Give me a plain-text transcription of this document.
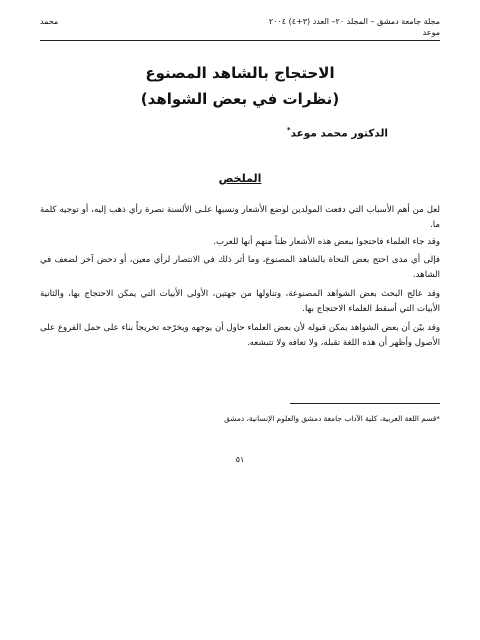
مجلة جامعة دمشق – المجلد ٢٠– العدد (٣+٤) ٢٠٠٤
محمد
موعد
الاحتجاج بالشاهد المصنوع
(نظرات في بعض الشواهد)
الدكتور محمد موعد*
الملخص

لعل من أهم الأسباب التي دفعت المولدين لوضع الأشعار ونسبها علـى الألسنة نصرة رأي ذهب إليه، أو توجيه كلمة ما.

وقد جاء العلماء فاحتجوا ببعض هذه الأشعار ظناً منهم أنها للعرب.

فإلى أي مدى احتج بعض النحاة بالشاهد المصنوع، وما أثر ذلك في الانتصار لرأي معين، أو دحض آخر لضعف في الشاهد.

وقد عالج البحث بعض الشواهد المصنوعة، وتناولها من جهتين، الأولى الأبيات التي يمكن الاحتجاج بها، والثانية الأبيات التي أسقط العلماء الاحتجاج بها.

وقد بيّن أن بعض الشواهد يمكن قبوله لأن بعض العلماء حاول أن يوجهه ويخرّجه تخريجاً بناء على حمل الفروع على الأصول وأظهر أن هذه اللغة تقبله، ولا تعافه ولا تتبشعه.

*قسم اللغة العربية، كلية الآداب جامعة دمشق والعلوم الإنسانية، دمشق
٥١
